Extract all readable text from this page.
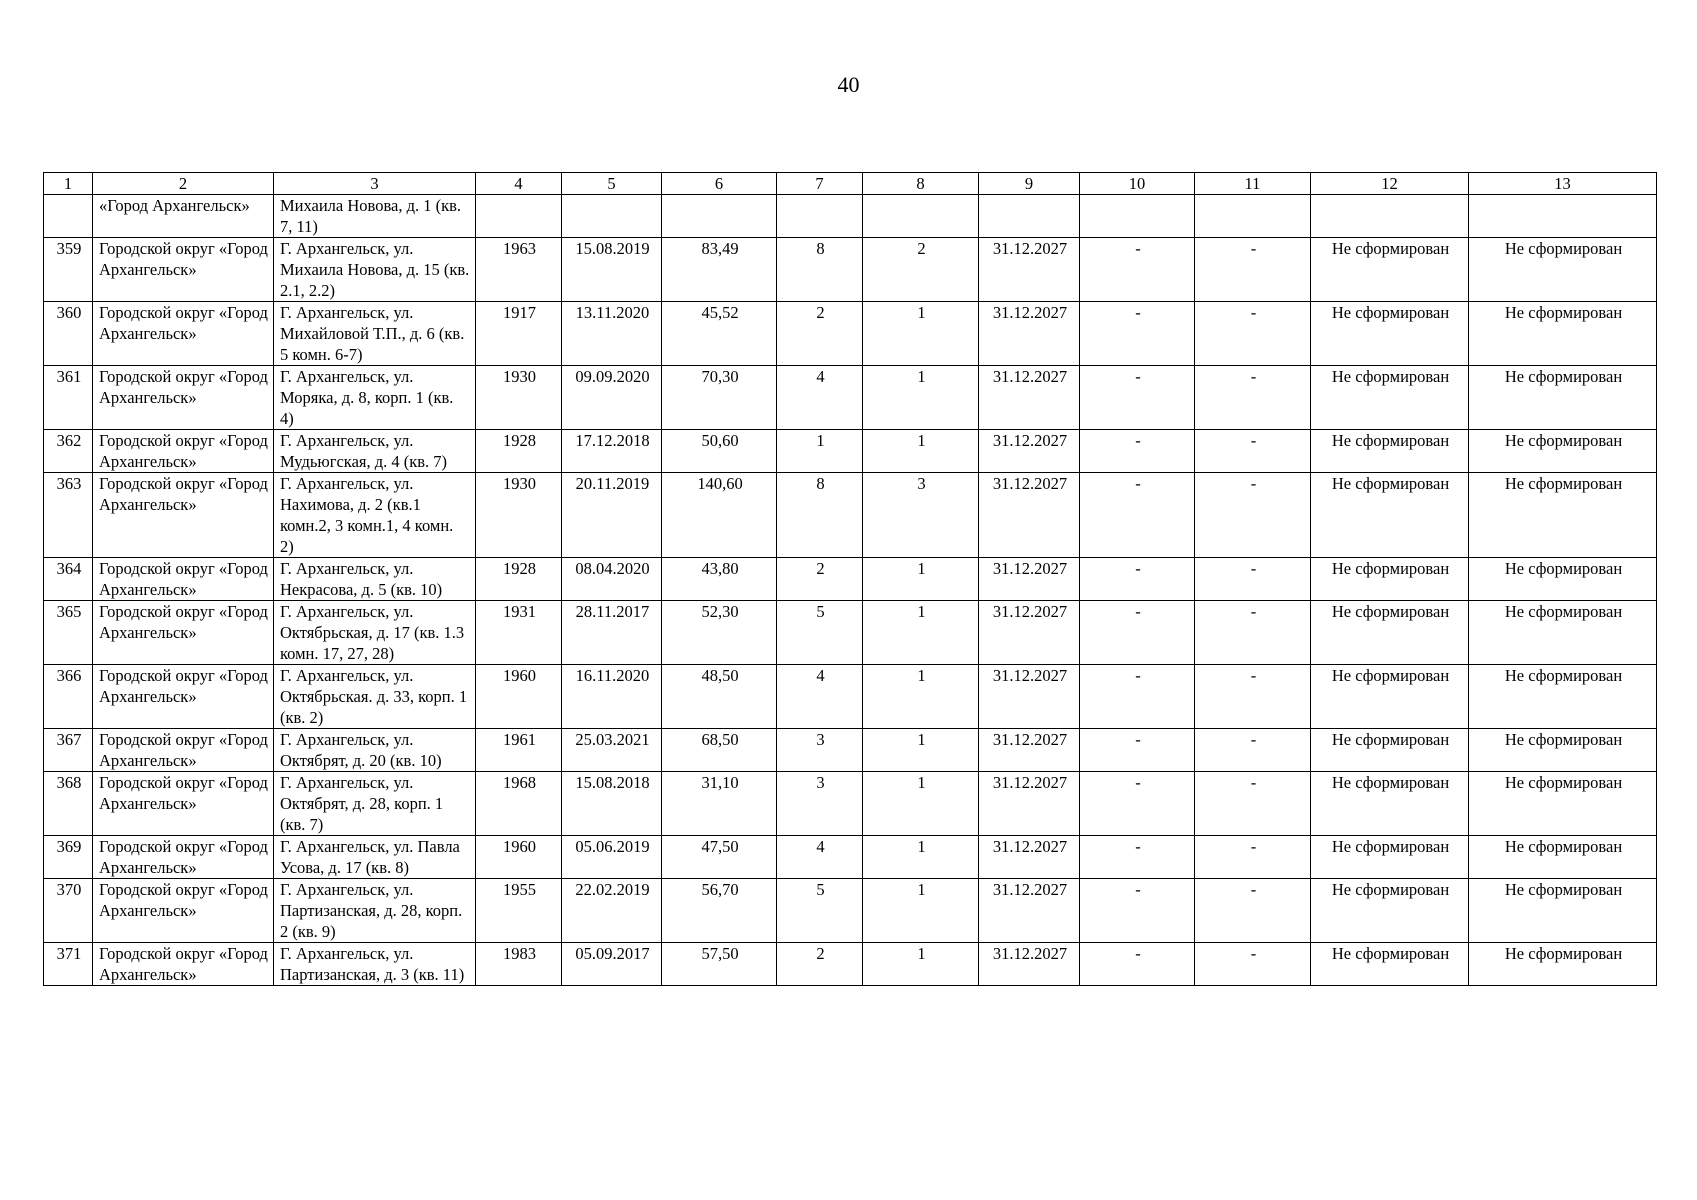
40
1	2	3	4	5	6	7	8	9	10	11	12	13
	«Город Архангельск»	Михаила Новова, д. 1 (кв. 7, 11)										
359	Городской округ «Город Архангельск»	Г. Архангельск, ул. Михаила Новова, д. 15 (кв. 2.1, 2.2)	1963	15.08.2019	83,49	8	2	31.12.2027	-	-	Не сформирован	Не сформирован
360	Городской округ «Город Архангельск»	Г. Архангельск, ул. Михайловой Т.П., д. 6 (кв. 5 комн. 6-7)	1917	13.11.2020	45,52	2	1	31.12.2027	-	-	Не сформирован	Не сформирован
361	Городской округ «Город Архангельск»	Г. Архангельск, ул. Моряка, д. 8, корп. 1 (кв. 4)	1930	09.09.2020	70,30	4	1	31.12.2027	-	-	Не сформирован	Не сформирован
362	Городской округ «Город Архангельск»	Г. Архангельск, ул. Мудьюгская, д. 4 (кв. 7)	1928	17.12.2018	50,60	1	1	31.12.2027	-	-	Не сформирован	Не сформирован
363	Городской округ «Город Архангельск»	Г. Архангельск, ул. Нахимова, д. 2 (кв.1 комн.2, 3 комн.1, 4 комн. 2)	1930	20.11.2019	140,60	8	3	31.12.2027	-	-	Не сформирован	Не сформирован
364	Городской округ «Город Архангельск»	Г. Архангельск, ул. Некрасова, д. 5 (кв. 10)	1928	08.04.2020	43,80	2	1	31.12.2027	-	-	Не сформирован	Не сформирован
365	Городской округ «Город Архангельск»	Г. Архангельск, ул. Октябрьская, д. 17 (кв. 1.3 комн. 17, 27, 28)	1931	28.11.2017	52,30	5	1	31.12.2027	-	-	Не сформирован	Не сформирован
366	Городской округ «Город Архангельск»	Г. Архангельск, ул. Октябрьская. д. 33, корп. 1 (кв. 2)	1960	16.11.2020	48,50	4	1	31.12.2027	-	-	Не сформирован	Не сформирован
367	Городской округ «Город Архангельск»	Г. Архангельск, ул. Октябрят, д. 20 (кв. 10)	1961	25.03.2021	68,50	3	1	31.12.2027	-	-	Не сформирован	Не сформирован
368	Городской округ «Город Архангельск»	Г. Архангельск, ул. Октябрят, д. 28, корп. 1 (кв. 7)	1968	15.08.2018	31,10	3	1	31.12.2027	-	-	Не сформирован	Не сформирован
369	Городской округ «Город Архангельск»	Г. Архангельск, ул. Павла Усова, д. 17 (кв. 8)	1960	05.06.2019	47,50	4	1	31.12.2027	-	-	Не сформирован	Не сформирован
370	Городской округ «Город Архангельск»	Г. Архангельск, ул. Партизанская, д. 28, корп. 2 (кв. 9)	1955	22.02.2019	56,70	5	1	31.12.2027	-	-	Не сформирован	Не сформирован
371	Городской округ «Город Архангельск»	Г. Архангельск, ул. Партизанская, д. 3 (кв. 11)	1983	05.09.2017	57,50	2	1	31.12.2027	-	-	Не сформирован	Не сформирован
